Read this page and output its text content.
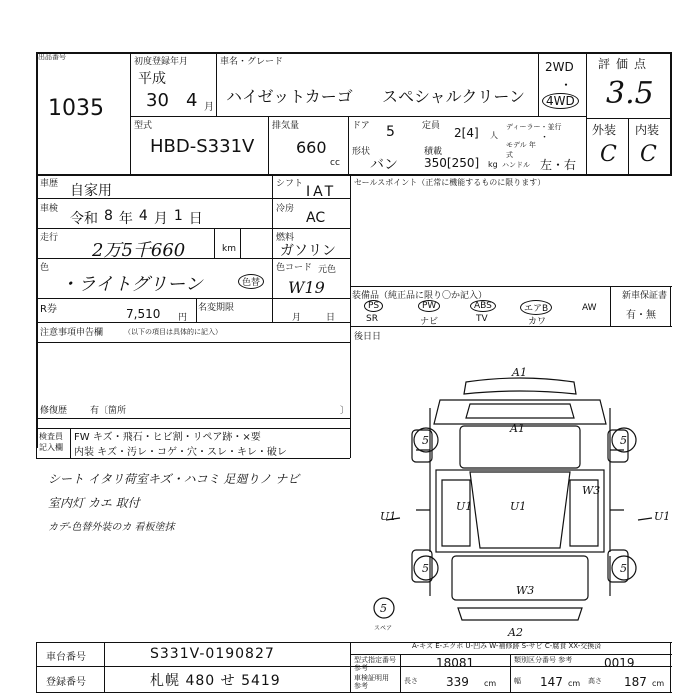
出品番号
1035
初度登録年月
平成
30 4 月
車名・グレード
ハイゼットカーゴ スペシャルクリーン
2WD
・
4WD
評価点
3.5
外装 内装
C C
型式
HBD-S331V
排気量
660
cc
ドア 5	定員 2[4] 人
ディーラー・並行
・
形状
バン
積載
350[250] kg
モデル 年式
ハンドル 左・右
車歴 自家用	シフト IAT
車検
令和 8 年 4 月 1 日
冷房
AC
走行
2万5千660	km
燃料
ガソリン
色
・ライトグリーン	色替
色コード 元色
W19
R券	7,510 円
名変期限
月	日
注意事項申告欄	（以下の項目は具体的に記入）
修復歴	有〔箇所	〕
検査員
記入欄
FW キズ・飛石・ヒビ割・リペア跡・×要
内装 キズ・汚レ・コゲ・穴・スレ・キレ・破レ
シート イタリ荷室キズ・ハコミ 足廻りノ ナビ
室内灯 カエ 取付
カデ-色替外装のカ 看板塗抹
セールスポイント（正常に機能するものに限ります）
装備品（純正品に限り〇か記入）
AW
新車保証書
有・無
PS	PW	ABS	エアB
SR	ナビ	TV	カワ
後日日
A1
A1
U1	U1
W3
W3
U1	U1
A2
5	5
5	5
5
スペア
A-キズ E-エクボ U-凹み W-補修跡 S-サビ C-腐食 XX-交換済
車台番号	S331V-0190827
登録番号	札幌 480 せ 5419
型式指定番号 参考	18081	類別区分番号 参考	0019
車検証明用 参考
長さ 339 cm	幅 147 cm 高さ 187 cm
